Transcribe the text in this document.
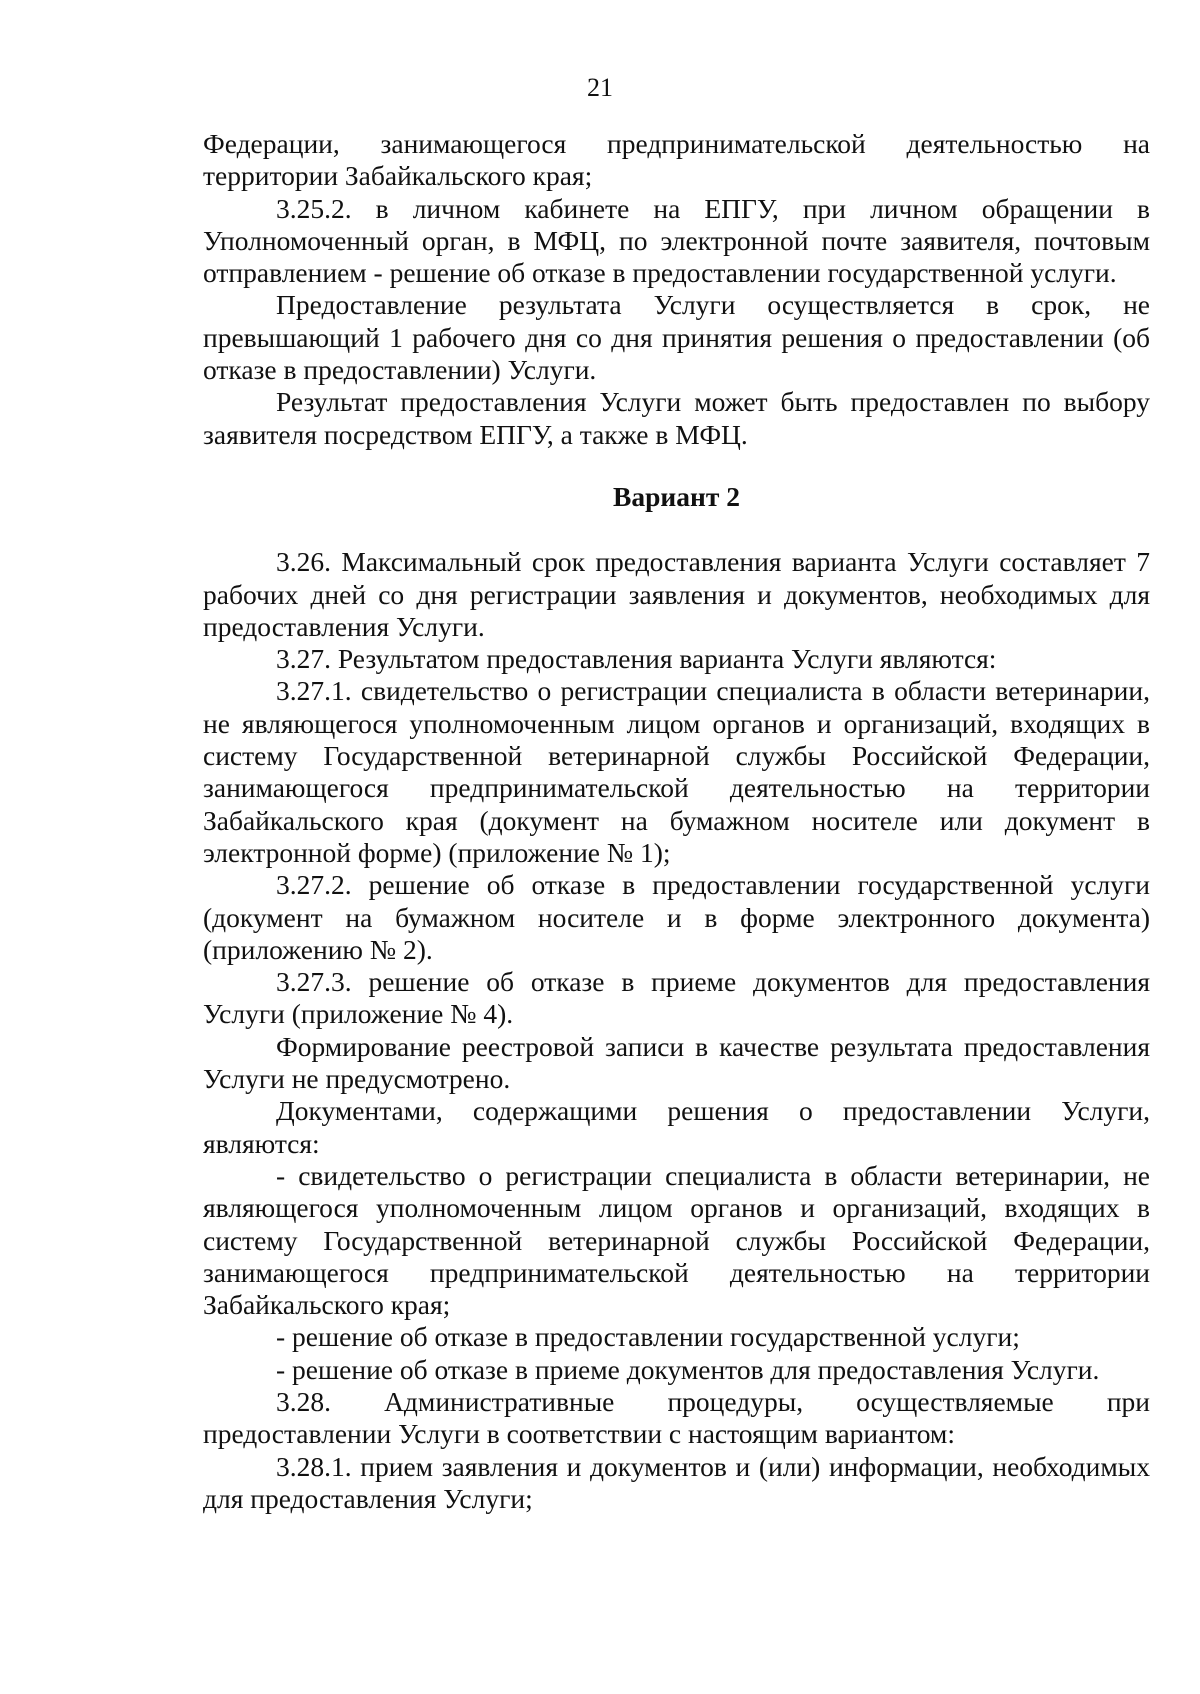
21

Федерации, занимающегося предпринимательской деятельностью на территории Забайкальского края;

3.25.2. в личном кабинете на ЕПГУ, при личном обращении в Уполномоченный орган, в МФЦ, по электронной почте заявителя, почтовым отправлением - решение об отказе в предоставлении государственной услуги.

Предоставление результата Услуги осуществляется в срок, не превышающий 1 рабочего дня со дня принятия решения о предоставлении (об отказе в предоставлении) Услуги.

Результат предоставления Услуги может быть предоставлен по выбору заявителя посредством ЕПГУ, а также в МФЦ.

Вариант 2

3.26. Максимальный срок предоставления варианта Услуги составляет 7 рабочих дней со дня регистрации заявления и документов, необходимых для предоставления Услуги.

3.27. Результатом предоставления варианта Услуги являются:

3.27.1. свидетельство о регистрации специалиста в области ветеринарии, не являющегося уполномоченным лицом органов и организаций, входящих в систему Государственной ветеринарной службы Российской Федерации, занимающегося предпринимательской деятельностью на территории Забайкальского края (документ на бумажном носителе или документ в электронной форме) (приложение № 1);

3.27.2. решение об отказе в предоставлении государственной услуги (документ на бумажном носителе и в форме электронного документа) (приложению № 2).

3.27.3. решение об отказе в приеме документов для предоставления Услуги (приложение № 4).

Формирование реестровой записи в качестве результата предоставления Услуги не предусмотрено.

Документами, содержащими решения о предоставлении Услуги, являются:

- свидетельство о регистрации специалиста в области ветеринарии, не являющегося уполномоченным лицом органов и организаций, входящих в систему Государственной ветеринарной службы Российской Федерации, занимающегося предпринимательской деятельностью на территории Забайкальского края;

- решение об отказе в предоставлении государственной услуги;

- решение об отказе в приеме документов для предоставления Услуги.

3.28. Административные процедуры, осуществляемые при предоставлении Услуги в соответствии с настоящим вариантом:

3.28.1. прием заявления и документов и (или) информации, необходимых для предоставления Услуги;
